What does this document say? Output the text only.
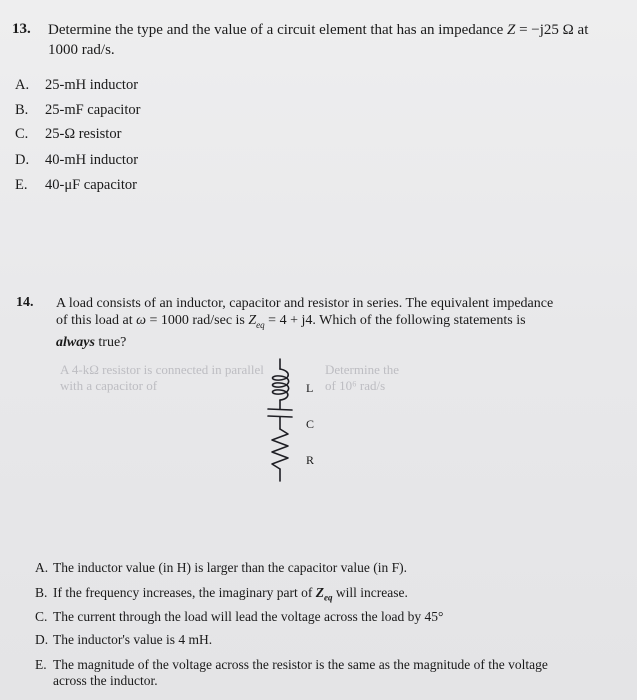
13. Determine the type and the value of a circuit element that has an impedance Z = −j25 Ω at 1000 rad/s.
A. 25-mH inductor
B. 25-mF capacitor
C. 25-Ω resistor
D. 40-mH inductor
E. 40-μF capacitor
14. A load consists of an inductor, capacitor and resistor in series. The equivalent impedance
of this load at ω = 1000 rad/sec is $Z_{eq} = 4 + j4$. Which of the following statements is
always true?
A 4-kΩ resistor is connected in parallel
with a capacitor of
Determine the
of 10⁶ rad/s
L
C
R
A. The inductor value (in H) is larger than the capacitor value (in F).
B. If the frequency increases, the imaginary part of $Z_{eq}$ will increase.
C. The current through the load will lead the voltage across the load by 45°
D. The inductor's value is 4 mH.
E. The magnitude of the voltage across the resistor is the same as the magnitude of the voltage
across the inductor.
